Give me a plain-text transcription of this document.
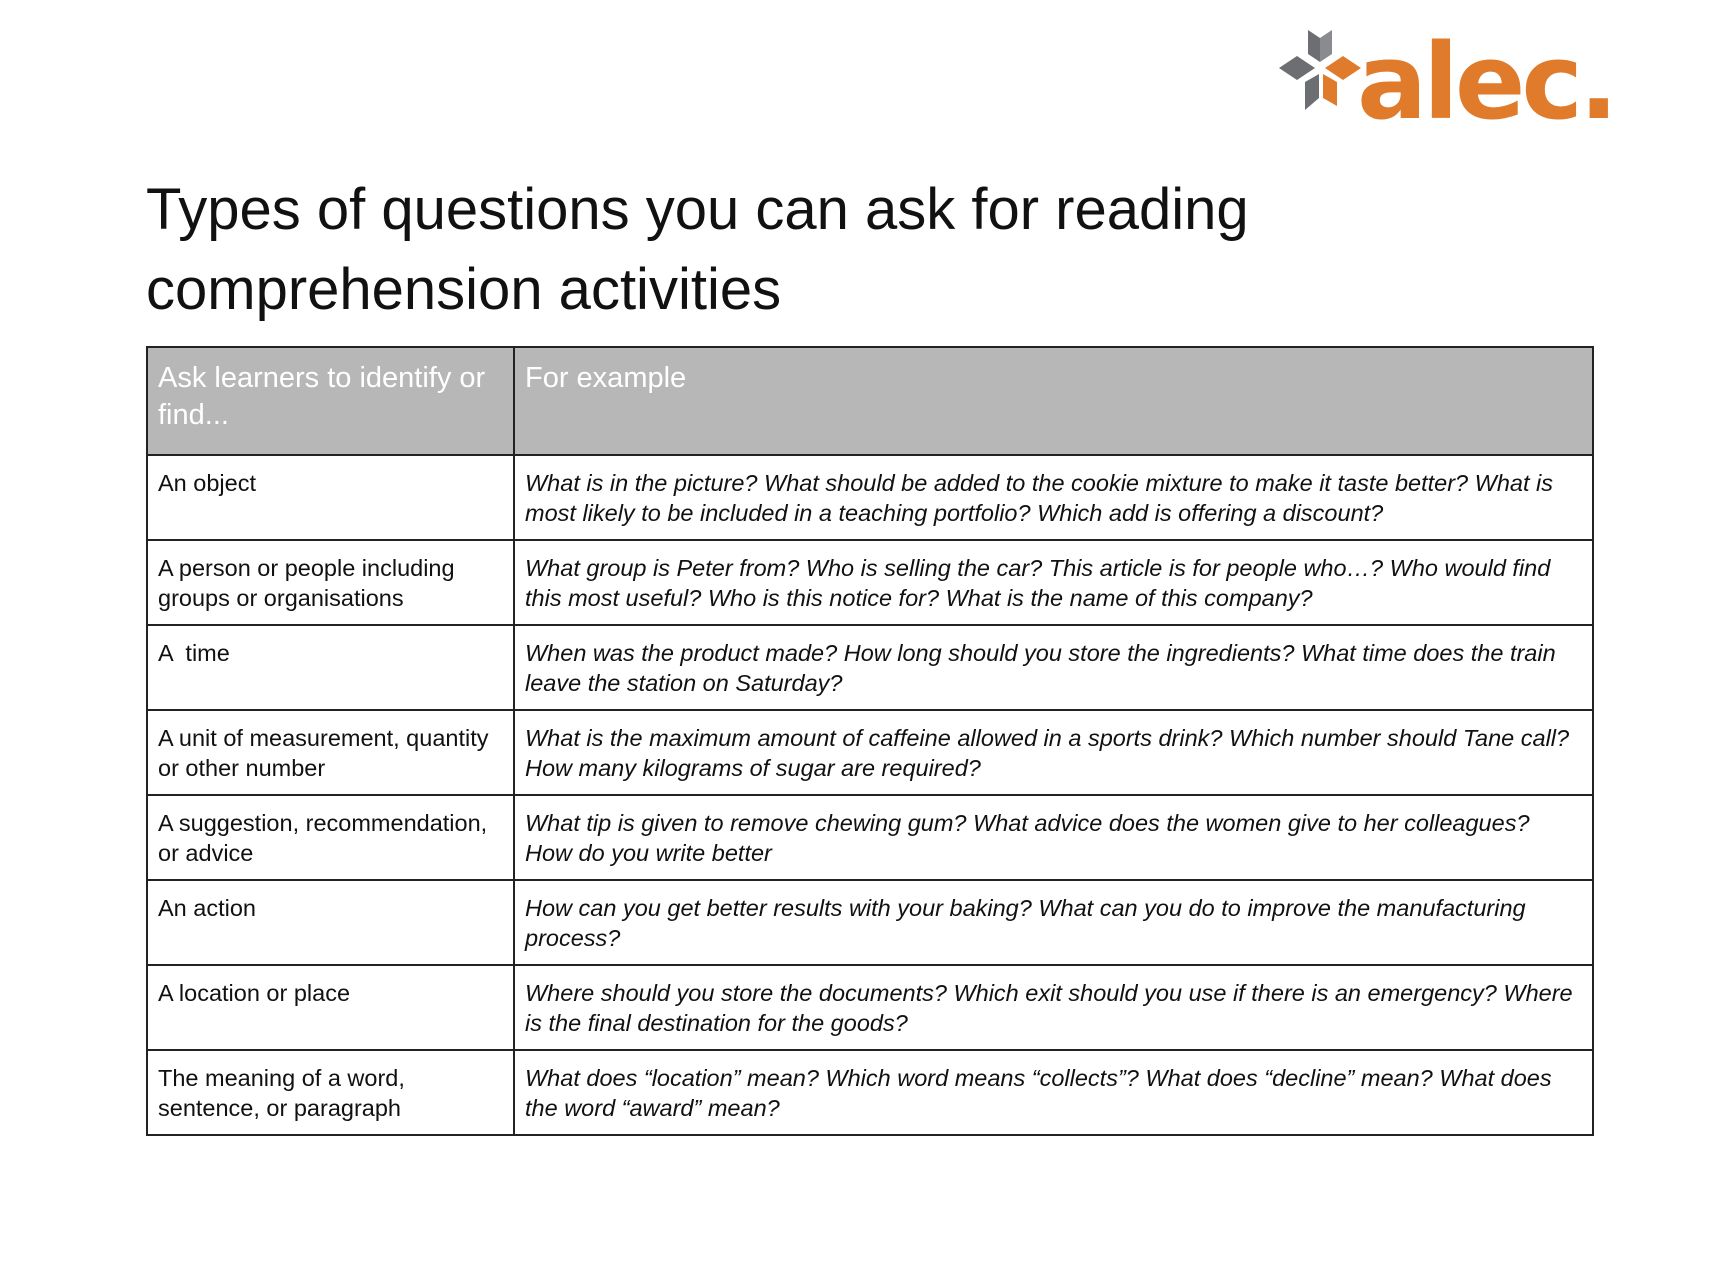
alec.
Types of questions you can ask for reading comprehension activities
Ask learners to identify or find...	For example
An object	What is in the picture? What should be added to the cookie mixture to make it taste better? What is most likely to be included in a teaching portfolio? Which add is offering a discount?
A person or people including groups or organisations	What group is Peter from? Who is selling the car? This article is for people who…? Who would find this most useful? Who is this notice for? What is the name of this company?
A  time	When was the product made? How long should you store the ingredients? What time does the train leave the station on Saturday?
A unit of measurement, quantity or other number	What is the maximum amount of caffeine allowed in a sports drink? Which number should Tane call? How many kilograms of sugar are required?
A suggestion, recommendation, or advice	What tip is given to remove chewing gum? What advice does the women give to her colleagues? How do you write better
An action	How can you get better results with your baking? What can you do to improve the manufacturing process?
A location or place	Where should you store the documents? Which exit should you use if there is an emergency? Where is the final destination for the goods?
The meaning of a word, sentence, or paragraph	What does “location” mean? Which word means “collects”? What does “decline” mean? What does the word “award” mean?
